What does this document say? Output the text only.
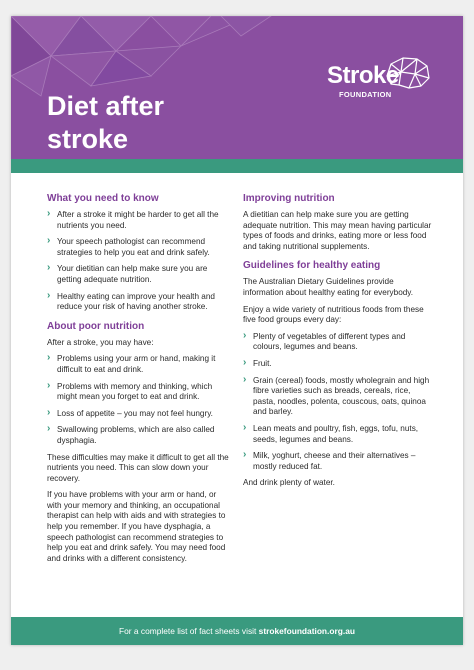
Diet after
stroke
Stroke
FOUNDATION
What you need to know
› After a stroke it might be harder to get all the nutrients you need.
› Your speech pathologist can recommend strategies to help you eat and drink safely.
› Your dietitian can help make sure you are getting adequate nutrition.
› Healthy eating can improve your health and reduce your risk of having another stroke.
About poor nutrition

After a stroke, you may have:

› Problems using your arm or hand, making it difficult to eat and drink.
› Problems with memory and thinking, which might mean you forget to eat and drink.
› Loss of appetite – you may not feel hungry.
› Swallowing problems, which are also called dysphagia.

These difficulties may make it difficult to get all the nutrients you need. This can slow down your recovery.

If you have problems with your arm or hand, or with your memory and thinking, an occupational therapist can help with aids and with strategies to help you remember. If you have dysphagia, a speech pathologist can recommend strategies to help you eat and drink safely. You may need food and drinks with a different consistency.

Improving nutrition

A dietitian can help make sure you are getting adequate nutrition. This may mean having particular types of foods and drinks, eating more or less food and taking nutritional supplements.

Guidelines for healthy eating

The Australian Dietary Guidelines provide information about healthy eating for everybody.

Enjoy a wide variety of nutritious foods from these five food groups every day:

› Plenty of vegetables of different types and colours, legumes and beans.
› Fruit.
› Grain (cereal) foods, mostly wholegrain and high fibre varieties such as breads, cereals, rice, pasta, noodles, polenta, couscous, oats, quinoa and barley.
› Lean meats and poultry, fish, eggs, tofu, nuts, seeds, legumes and beans.
› Milk, yoghurt, cheese and their alternatives – mostly reduced fat.

And drink plenty of water.

For a complete list of fact sheets visit strokefoundation.org.au
